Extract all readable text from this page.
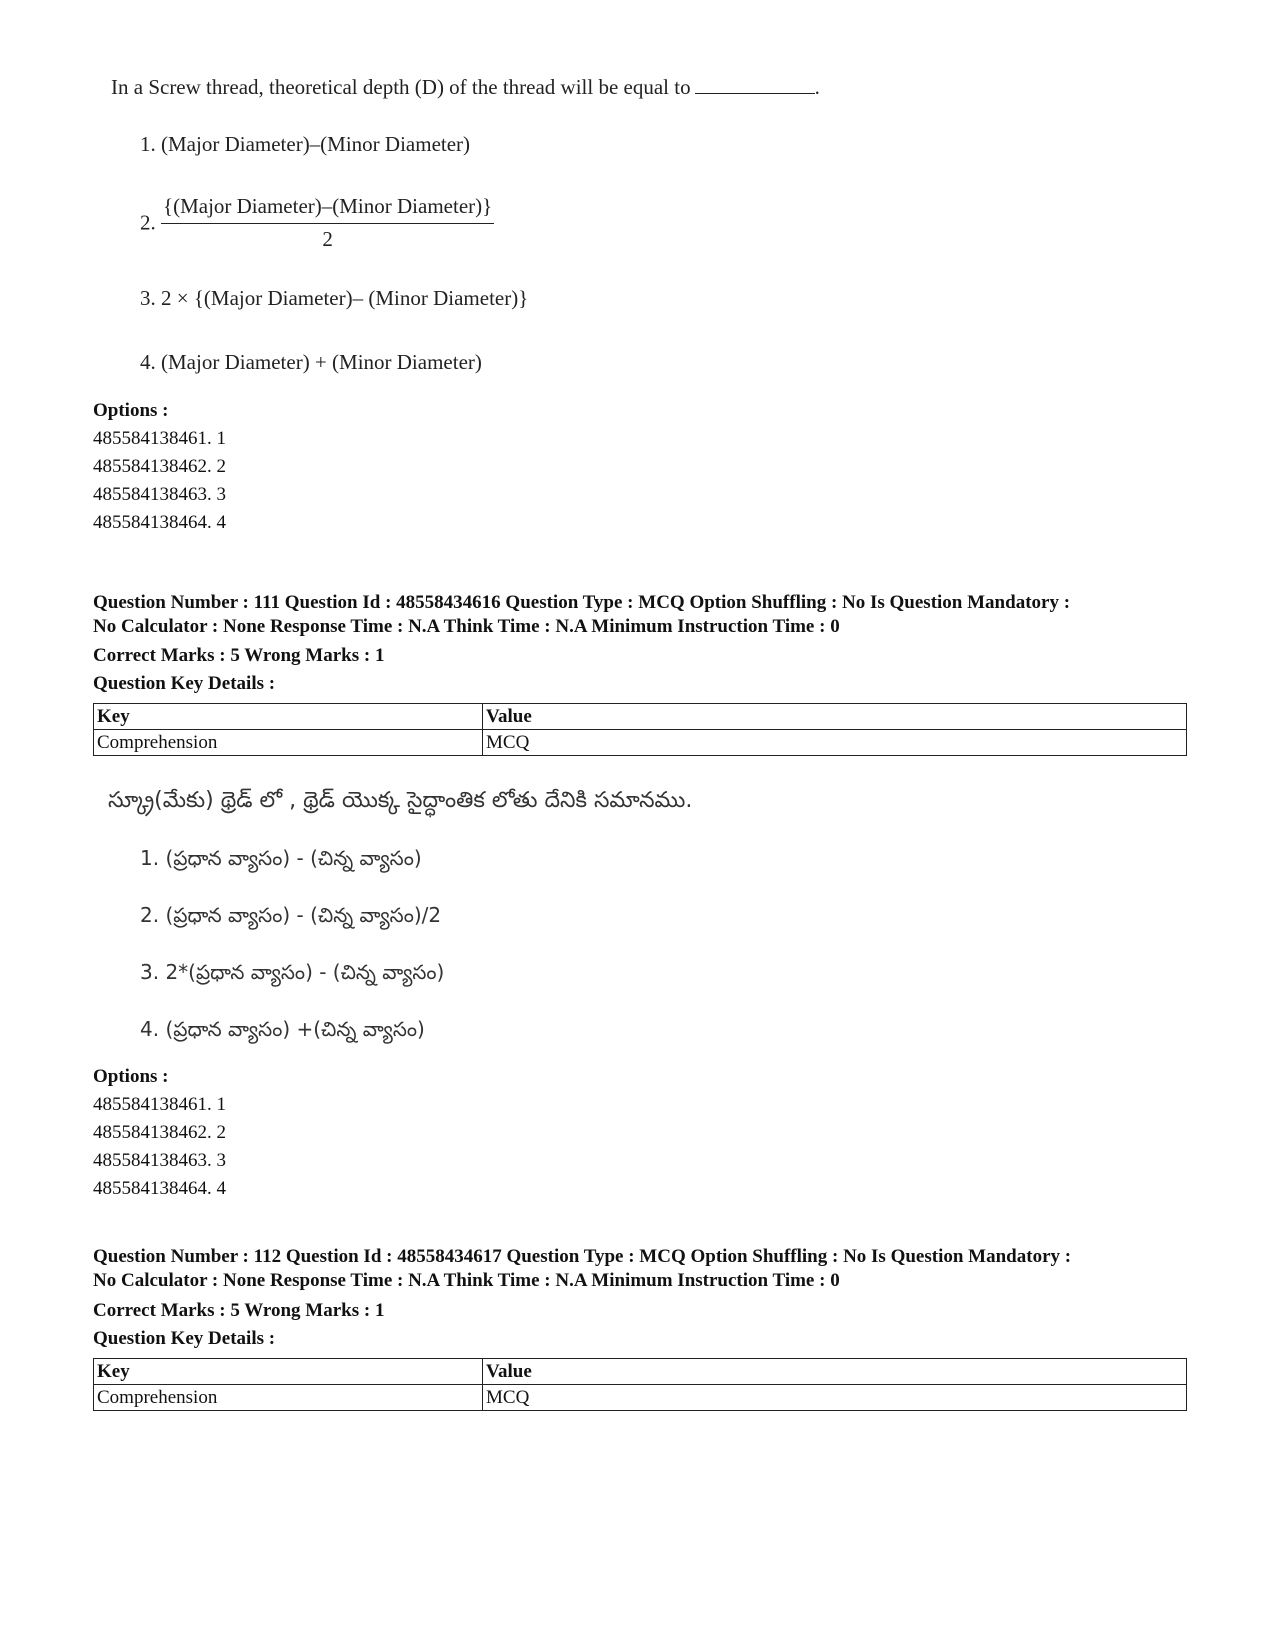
In a Screw thread, theoretical depth (D) of the thread will be equal to	.
1. (Major Diameter)–(Minor Diameter)
2. $\frac{\text{\{(Major Diameter)–(Minor Diameter)\}}}{2}$
3. 2 × {(Major Diameter)– (Minor Diameter)}
4. (Major Diameter) + (Minor Diameter)
Options :
485584138461. 1
485584138462. 2
485584138463. 3
485584138464. 4
Question Number : 111 Question Id : 48558434616 Question Type : MCQ Option Shuffling : No Is Question Mandatory :
No Calculator : None Response Time : N.A Think Time : N.A Minimum Instruction Time : 0
Correct Marks : 5 Wrong Marks : 1
Question Key Details :
Key	Value
Comprehension	MCQ
స్క్రూ(మేకు) థ్రెడ్ లో , థ్రెడ్ యొక్క సైద్ధాంతిక లోతు దేనికి సమానము.
1. (ప్రధాన వ్యాసం) - (చిన్న వ్యాసం)
2. (ప్రధాన వ్యాసం) - (చిన్న వ్యాసం)/2
3. 2*(ప్రధాన వ్యాసం) - (చిన్న వ్యాసం)
4. (ప్రధాన వ్యాసం) +(చిన్న వ్యాసం)
Options :
485584138461. 1
485584138462. 2
485584138463. 3
485584138464. 4
Question Number : 112 Question Id : 48558434617 Question Type : MCQ Option Shuffling : No Is Question Mandatory :
No Calculator : None Response Time : N.A Think Time : N.A Minimum Instruction Time : 0
Correct Marks : 5 Wrong Marks : 1
Question Key Details :
Key	Value
Comprehension	MCQ
